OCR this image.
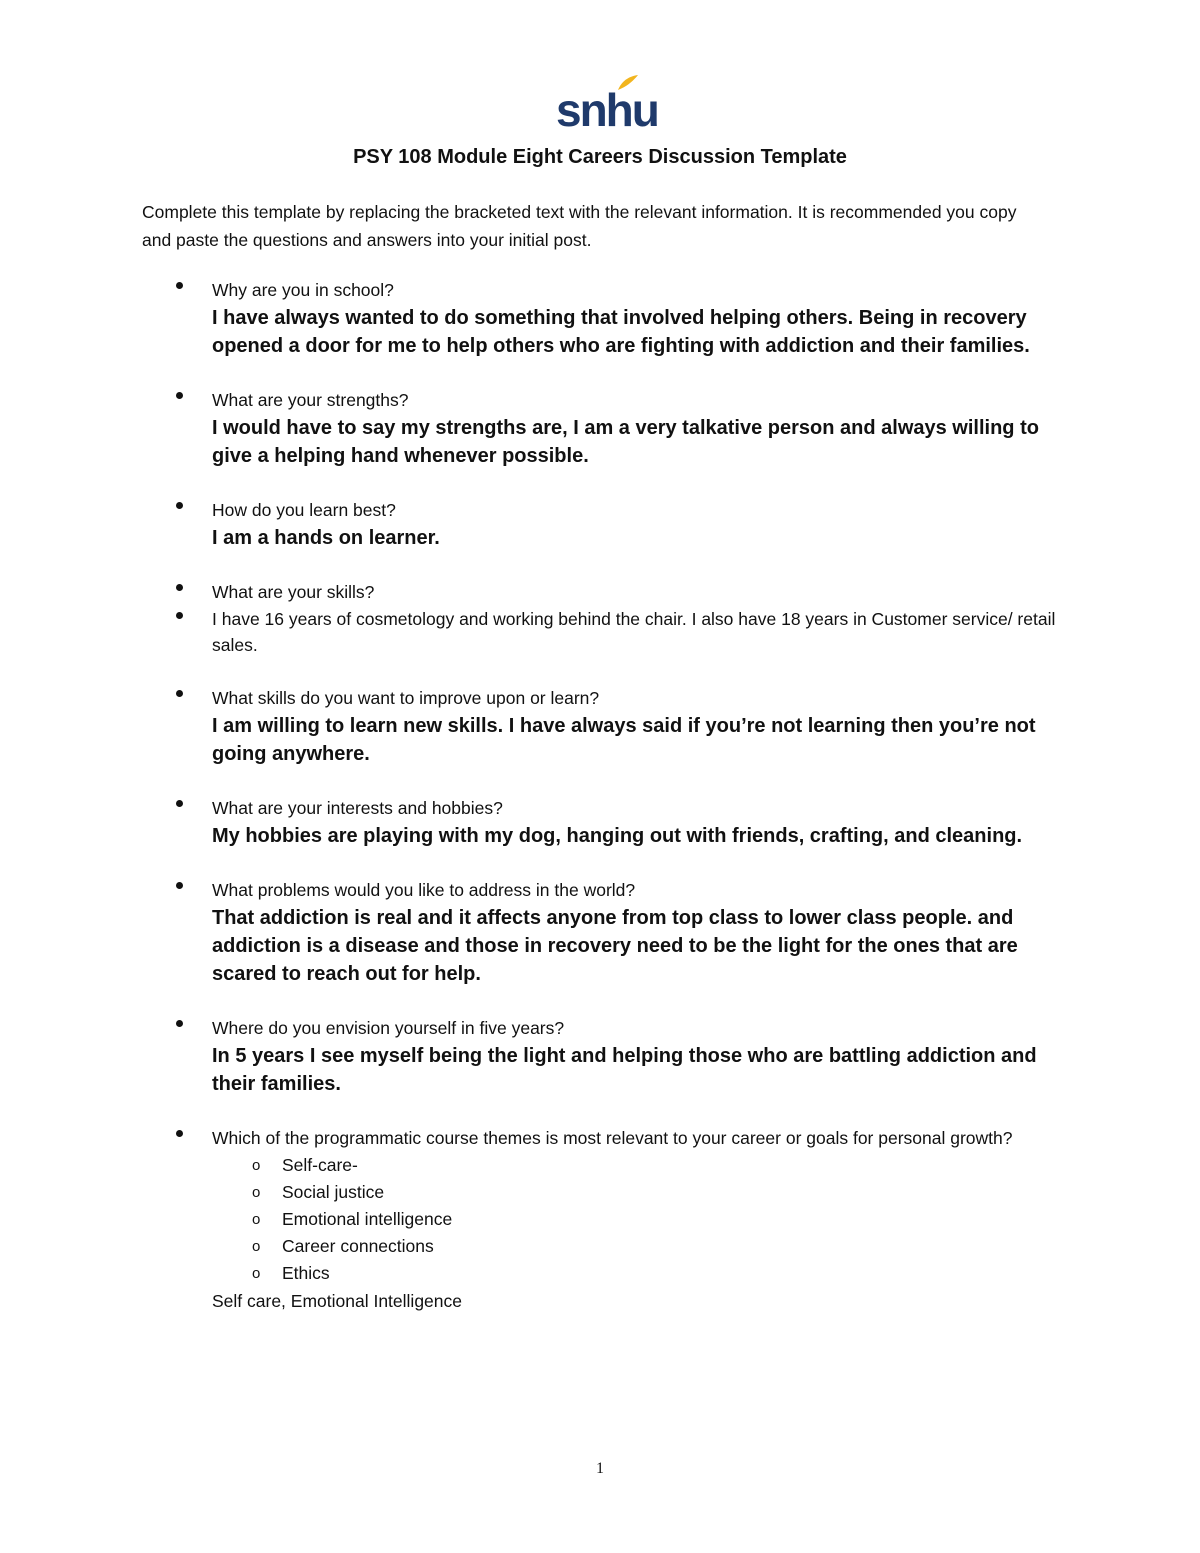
snhu
PSY 108 Module Eight Careers Discussion Template
Complete this template by replacing the bracketed text with the relevant information. It is recommended you copy and paste the questions and answers into your initial post.
Why are you in school?
I have always wanted to do something that involved helping others. Being in recovery opened a door for me to help others who are fighting with addiction and their families.
What are your strengths?
I would have to say my strengths are, I am a very talkative person and always willing to give a helping hand whenever possible.
How do you learn best?
I am a hands on learner.
What are your skills?
I have 16 years of cosmetology and working behind the chair. I also have 18 years in Customer service/ retail sales.
What skills do you want to improve upon or learn?
I am willing to learn new skills. I have always said if you’re not learning then you’re not going anywhere.
What are your interests and hobbies?
My hobbies are playing with my dog, hanging out with friends, crafting, and cleaning.
What problems would you like to address in the world?
That addiction is real and it affects anyone from top class to lower class people. and addiction is a disease and those in recovery need to be the light for the ones that are scared to reach out for help.
Where do you envision yourself in five years?
In 5 years I see myself being the light and helping those who are battling addiction and their families.
Which of the programmatic course themes is most relevant to your career or goals for personal growth?
o Self-care-
o Social justice
o Emotional intelligence
o Career connections
o Ethics
Self care, Emotional Intelligence
1
